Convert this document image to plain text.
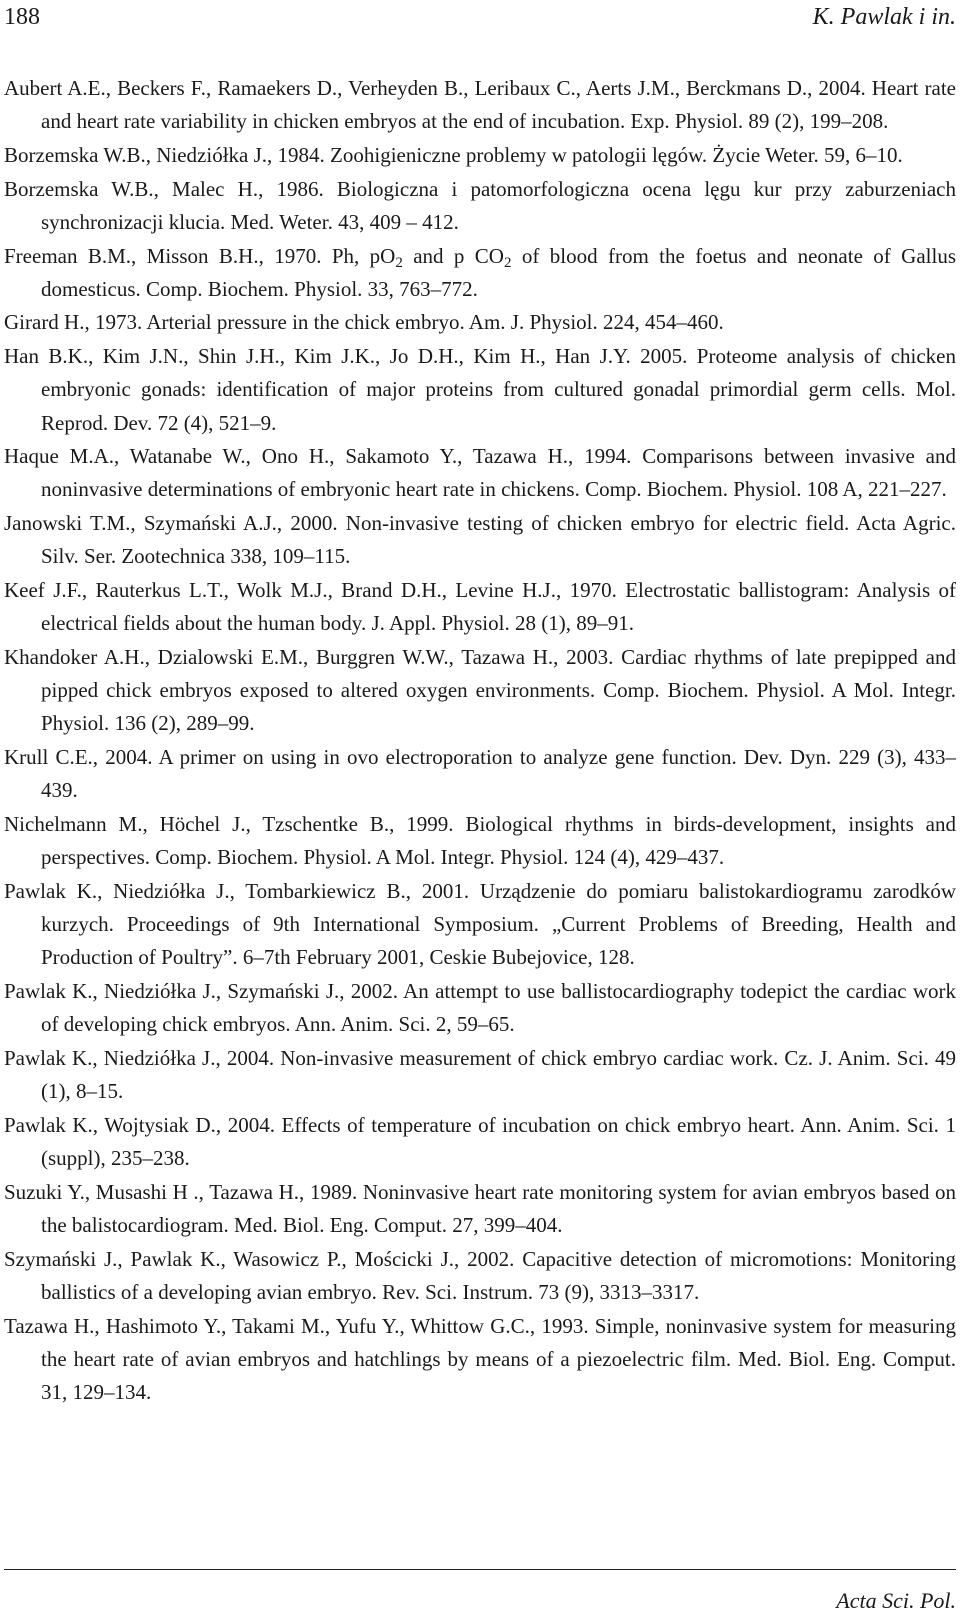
188	K. Pawlak i in.

Aubert A.E., Beckers F., Ramaekers D., Verheyden B., Leribaux C., Aerts J.M., Berckmans D., 2004. Heart rate and heart rate variability in chicken embryos at the end of incubation. Exp. Physiol. 89 (2), 199–208.

Borzemska W.B., Niedziółka J., 1984. Zoohigieniczne problemy w patologii lęgów. Życie Weter. 59, 6–10.

Borzemska W.B., Malec H., 1986. Biologiczna i patomorfologiczna ocena lęgu kur przy zaburzeniach synchronizacji klucia. Med. Weter. 43, 409 – 412.

Freeman B.M., Misson B.H., 1970. Ph, $pO_2$ and p $CO_2$ of blood from the foetus and neonate of Gallus domesticus. Comp. Biochem. Physiol. 33, 763–772.

Girard H., 1973. Arterial pressure in the chick embryo. Am. J. Physiol. 224, 454–460.

Han B.K., Kim J.N., Shin J.H., Kim J.K., Jo D.H., Kim H., Han J.Y. 2005. Proteome analysis of chicken embryonic gonads: identification of major proteins from cultured gonadal primordial germ cells. Mol. Reprod. Dev. 72 (4), 521–9.

Haque M.A., Watanabe W., Ono H., Sakamoto Y., Tazawa H., 1994. Comparisons between invasive and noninvasive determinations of embryonic heart rate in chickens. Comp. Biochem. Physiol. 108 A, 221–227.

Janowski T.M., Szymański A.J., 2000. Non-invasive testing of chicken embryo for electric field. Acta Agric. Silv. Ser. Zootechnica 338, 109–115.

Keef J.F., Rauterkus L.T., Wolk M.J., Brand D.H., Levine H.J., 1970. Electrostatic ballistogram: Analysis of electrical fields about the human body. J. Appl. Physiol. 28 (1), 89–91.

Khandoker A.H., Dzialowski E.M., Burggren W.W., Tazawa H., 2003. Cardiac rhythms of late prepipped and pipped chick embryos exposed to altered oxygen environments. Comp. Biochem. Physiol. A Mol. Integr. Physiol. 136 (2), 289–99.

Krull C.E., 2004. A primer on using in ovo electroporation to analyze gene function. Dev. Dyn. 229 (3), 433–439.

Nichelmann M., Höchel J., Tzschentke B., 1999. Biological rhythms in birds-development, insights and perspectives. Comp. Biochem. Physiol. A Mol. Integr. Physiol. 124 (4), 429–437.

Pawlak K., Niedziółka J., Tombarkiewicz B., 2001. Urządzenie do pomiaru balistokardiogramu zarodków kurzych. Proceedings of 9th International Symposium. „Current Problems of Breeding, Health and Production of Poultry”. 6–7th February 2001, Ceskie Bubejovice, 128.

Pawlak K., Niedziółka J., Szymański J., 2002. An attempt to use ballistocardiography todepict the cardiac work of developing chick embryos. Ann. Anim. Sci. 2, 59–65.

Pawlak K., Niedziółka J., 2004. Non-invasive measurement of chick embryo cardiac work. Cz. J. Anim. Sci. 49 (1), 8–15.

Pawlak K., Wojtysiak D., 2004. Effects of temperature of incubation on chick embryo heart. Ann. Anim. Sci. 1 (suppl), 235–238.

Suzuki Y., Musashi H ., Tazawa H., 1989. Noninvasive heart rate monitoring system for avian embryos based on the balistocardiogram. Med. Biol. Eng. Comput. 27, 399–404.

Szymański J., Pawlak K., Wasowicz P., Mościcki J., 2002. Capacitive detection of micromotions: Monitoring ballistics of a developing avian embryo. Rev. Sci. Instrum. 73 (9), 3313–3317.

Tazawa H., Hashimoto Y., Takami M., Yufu Y., Whittow G.C., 1993. Simple, noninvasive system for measuring the heart rate of avian embryos and hatchlings by means of a piezoelectric film. Med. Biol. Eng. Comput. 31, 129–134.

Acta Sci. Pol.
